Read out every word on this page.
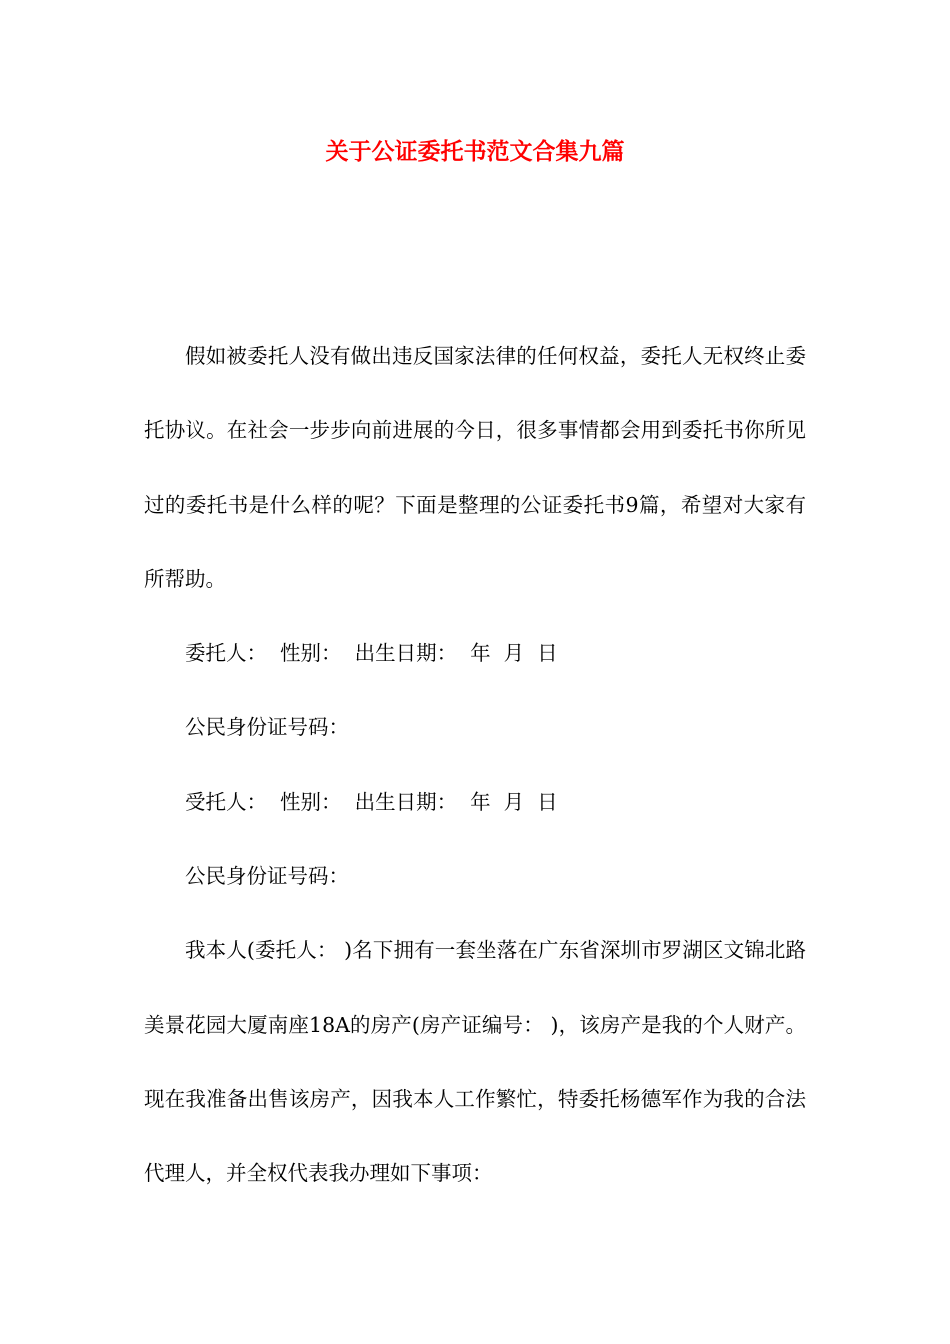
关于公证委托书范文合集九篇

假如被委托人没有做出违反国家法律的任何权益，委托人无权终止委托协议。在社会一步步向前进展的今日，很多事情都会用到委托书你所见过的委托书是什么样的呢？下面是整理的公证委托书9篇，希望对大家有所帮助。

委托人：  性别：  出生日期：  年  月  日

公民身份证号码：

受托人：  性别：  出生日期：  年  月  日

公民身份证号码：

我本人(委托人： )名下拥有一套坐落在广东省深圳市罗湖区文锦北路美景花园大厦南座18A的房产(房产证编号： )，该房产是我的个人财产。现在我准备出售该房产，因我本人工作繁忙，特委托杨德军作为我的合法代理人，并全权代表我办理如下事项：
